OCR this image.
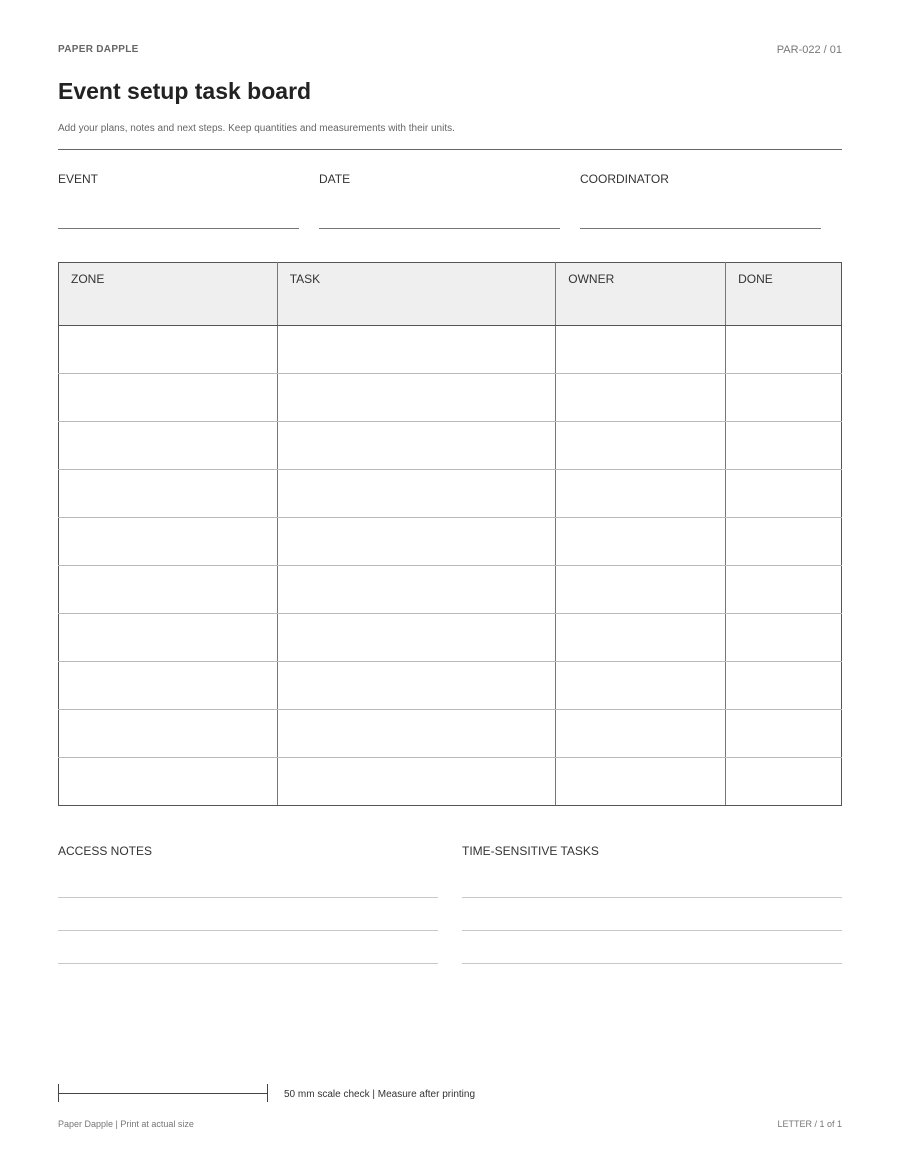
PAPER DAPPLE	PAR-022 / 01
Event setup task board
Add your plans, notes and next steps. Keep quantities and measurements with their units.
EVENT	DATE	COORDINATOR
ZONE	TASK	OWNER	DONE

ACCESS NOTES	TIME-SENSITIVE TASKS
50 mm scale check | Measure after printing
Paper Dapple | Print at actual size	LETTER / 1 of 1
